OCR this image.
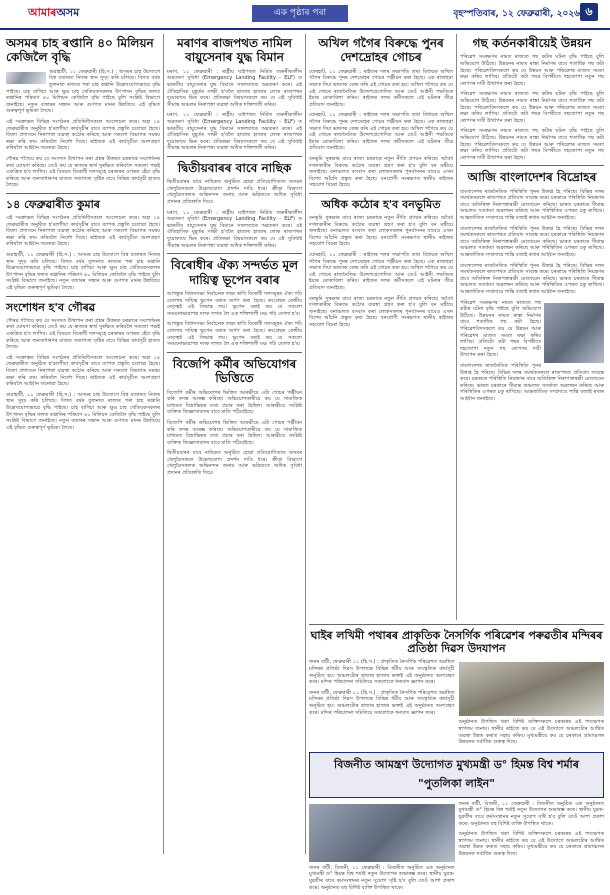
আমাৰঅসম	এক পৃষ্ঠাৰ পৰা	বৃহস্পতিবাৰ, ১২ ফেব্ৰুৱাৰী, ২০২৬ ৬
অসমৰ চাহ ৰপ্তানি ৪০ মিলিয়ন কেজিলৈ বৃদ্ধি

গুৱাহাটী, ১১ ফেব্ৰুৱাৰী (হি.স.) : অসমৰ চাহ উদ্যোগে বিশ্ব বজাৰত নিজৰ স্থান সুদৃঢ় কৰি চলিছে। বিগত বৰ্ষৰ তুলনাত ৰাজ্যৰ পৰা চাহ ৰপ্তানি উল্লেখযোগ্যভাৱে বৃদ্ধি পাইছে। চাহ বাগিচা আৰু ক্ষুদ্ৰ চাহ খেতিয়কসকলৰ উৎপাদন বৃদ্ধিৰ ফলত ৰপ্তানিৰ পৰিমাণ ৪০ মিলিয়ন কেজিলৈ বৃদ্ধি পাইছে বুলি সংশ্লিষ্ট বিভাগে জনাইছে। নতুন বজাৰৰ সন্ধান আৰু গুণগত মানৰ উন্নতিয়ে এই বৃদ্ধিত গুৰুত্বপূৰ্ণ ভূমিকা লৈছে।

এই সংক্ৰান্তত বিভিন্ন সংগঠনৰ প্ৰতিনিধিসকলে আলোচনা কৰে। অহা ১৪ ফেব্ৰুৱাৰীত অনুষ্ঠিত হ'বলগীয়া কাৰ্যসূচীৰ বাবে ব্যাপক প্ৰস্তুতি চলোৱা হৈছে। জিলা প্ৰশাসনে নিৰাপত্তা ব্যৱস্থা কঠোৰ কৰিছে আৰু সকলো বিভাগক সমন্বয় ৰক্ষা কৰি কাম কৰিবলৈ নিৰ্দেশ দিছে। ৰাইজক এই কাৰ্যসূচীত অংশগ্ৰহণ কৰিবলৈ আহ্বান জনোৱা হৈছে।

গৌৰৱ গগৈয়ে কয় যে সংসদত উত্থাপন কৰা প্ৰশ্নৰ উত্তৰত চৰকাৰে সংশোধনৰ কথা ঘোষণা কৰিছে। তেওঁ কয় যে ৰাজ্যৰ স্বাৰ্থ সুৰক্ষিত কৰিবলৈ সকলো পক্ষই একত্ৰিত হ'ব লাগিব। এই বিষয়ত বিৰোধী দলসমূহে চৰকাৰৰ ওপৰত হেঁচা বৃদ্ধি কৰিছে আৰু জনসাধাৰণৰ মাজত সজাগতা সৃষ্টিৰ বাবে বিভিন্ন কাৰ্যসূচী হাতত লৈছে।

১৪ ফেব্ৰুৱাৰীত কুমাৰ

এই সংক্ৰান্তত বিভিন্ন সংগঠনৰ প্ৰতিনিধিসকলে আলোচনা কৰে। অহা ১৪ ফেব্ৰুৱাৰীত অনুষ্ঠিত হ'বলগীয়া কাৰ্যসূচীৰ বাবে ব্যাপক প্ৰস্তুতি চলোৱা হৈছে। জিলা প্ৰশাসনে নিৰাপত্তা ব্যৱস্থা কঠোৰ কৰিছে আৰু সকলো বিভাগক সমন্বয় ৰক্ষা কৰি কাম কৰিবলৈ নিৰ্দেশ দিছে। ৰাইজক এই কাৰ্যসূচীত অংশগ্ৰহণ কৰিবলৈ আহ্বান জনোৱা হৈছে।

গুৱাহাটী, ১১ ফেব্ৰুৱাৰী (হি.স.) : অসমৰ চাহ উদ্যোগে বিশ্ব বজাৰত নিজৰ স্থান সুদৃঢ় কৰি চলিছে। বিগত বৰ্ষৰ তুলনাত ৰাজ্যৰ পৰা চাহ ৰপ্তানি উল্লেখযোগ্যভাৱে বৃদ্ধি পাইছে। চাহ বাগিচা আৰু ক্ষুদ্ৰ চাহ খেতিয়কসকলৰ উৎপাদন বৃদ্ধিৰ ফলত ৰপ্তানিৰ পৰিমাণ ৪০ মিলিয়ন কেজিলৈ বৃদ্ধি পাইছে বুলি সংশ্লিষ্ট বিভাগে জনাইছে। নতুন বজাৰৰ সন্ধান আৰু গুণগত মানৰ উন্নতিয়ে এই বৃদ্ধিত গুৰুত্বপূৰ্ণ ভূমিকা লৈছে।

সংশোধন হ'ব গৌৰৱ

গৌৰৱ গগৈয়ে কয় যে সংসদত উত্থাপন কৰা প্ৰশ্নৰ উত্তৰত চৰকাৰে সংশোধনৰ কথা ঘোষণা কৰিছে। তেওঁ কয় যে ৰাজ্যৰ স্বাৰ্থ সুৰক্ষিত কৰিবলৈ সকলো পক্ষই একত্ৰিত হ'ব লাগিব। এই বিষয়ত বিৰোধী দলসমূহে চৰকাৰৰ ওপৰত হেঁচা বৃদ্ধি কৰিছে আৰু জনসাধাৰণৰ মাজত সজাগতা সৃষ্টিৰ বাবে বিভিন্ন কাৰ্যসূচী হাতত লৈছে।

এই সংক্ৰান্তত বিভিন্ন সংগঠনৰ প্ৰতিনিধিসকলে আলোচনা কৰে। অহা ১৪ ফেব্ৰুৱাৰীত অনুষ্ঠিত হ'বলগীয়া কাৰ্যসূচীৰ বাবে ব্যাপক প্ৰস্তুতি চলোৱা হৈছে। জিলা প্ৰশাসনে নিৰাপত্তা ব্যৱস্থা কঠোৰ কৰিছে আৰু সকলো বিভাগক সমন্বয় ৰক্ষা কৰি কাম কৰিবলৈ নিৰ্দেশ দিছে। ৰাইজক এই কাৰ্যসূচীত অংশগ্ৰহণ কৰিবলৈ আহ্বান জনোৱা হৈছে।

গুৱাহাটী, ১১ ফেব্ৰুৱাৰী (হি.স.) : অসমৰ চাহ উদ্যোগে বিশ্ব বজাৰত নিজৰ স্থান সুদৃঢ় কৰি চলিছে। বিগত বৰ্ষৰ তুলনাত ৰাজ্যৰ পৰা চাহ ৰপ্তানি উল্লেখযোগ্যভাৱে বৃদ্ধি পাইছে। চাহ বাগিচা আৰু ক্ষুদ্ৰ চাহ খেতিয়কসকলৰ উৎপাদন বৃদ্ধিৰ ফলত ৰপ্তানিৰ পৰিমাণ ৪০ মিলিয়ন কেজিলৈ বৃদ্ধি পাইছে বুলি সংশ্লিষ্ট বিভাগে জনাইছে। নতুন বজাৰৰ সন্ধান আৰু গুণগত মানৰ উন্নতিয়ে এই বৃদ্ধিত গুৰুত্বপূৰ্ণ ভূমিকা লৈছে।

মৰাণৰ ৰাজপথত নামিল বায়ুসেনাৰ যুদ্ধ বিমান

মৰাণ, ১১ ফেব্ৰুৱাৰী : ৰাষ্ট্ৰীয় ঘাইপথত নিৰ্মিত জৰুৰীকালীন অৱতৰণ সুবিধা (Emergency Landing Facility - ELF) ত ভাৰতীয় বায়ুসেনাৰ যুদ্ধ বিমানে সফলতাৰে অৱতৰণ কৰে। এই ঐতিহাসিক মুহূৰ্তৰ সাক্ষী হ'বলৈ হাজাৰ হাজাৰ লোক ৰাজপথৰ দুয়োকাষে ভিৰ কৰে। প্ৰতিৰক্ষা বিষয়াসকলে কয় যে এই সুবিধাই সীমান্ত অঞ্চলৰ নিৰাপত্তা ব্যৱস্থা অধিক শক্তিশালী কৰিব।

মৰাণ, ১১ ফেব্ৰুৱাৰী : ৰাষ্ট্ৰীয় ঘাইপথত নিৰ্মিত জৰুৰীকালীন অৱতৰণ সুবিধা (Emergency Landing Facility - ELF) ত ভাৰতীয় বায়ুসেনাৰ যুদ্ধ বিমানে সফলতাৰে অৱতৰণ কৰে। এই ঐতিহাসিক মুহূৰ্তৰ সাক্ষী হ'বলৈ হাজাৰ হাজাৰ লোক ৰাজপথৰ দুয়োকাষে ভিৰ কৰে। প্ৰতিৰক্ষা বিষয়াসকলে কয় যে এই সুবিধাই সীমান্ত অঞ্চলৰ নিৰাপত্তা ব্যৱস্থা অধিক শক্তিশালী কৰিব।

দ্বিতীয়বাৰৰ বাবে নাছিক

দ্বিতীয়বাৰৰ বাবে নাছিকত অনুষ্ঠিত হোৱা প্ৰতিযোগিতাত অসমৰ খেলুৱৈসকলে উল্লেখযোগ্য প্ৰদৰ্শন দাঙি ধৰে। ক্ৰীড়া বিভাগে খেলুৱৈসকলক অভিনন্দন জনায় আৰু ভৱিষ্যতে অধিক সুবিধা প্ৰদানৰ প্ৰতিশ্ৰুতি দিয়ে।

মৰাণ, ১১ ফেব্ৰুৱাৰী : ৰাষ্ট্ৰীয় ঘাইপথত নিৰ্মিত জৰুৰীকালীন অৱতৰণ সুবিধা (Emergency Landing Facility - ELF) ত ভাৰতীয় বায়ুসেনাৰ যুদ্ধ বিমানে সফলতাৰে অৱতৰণ কৰে। এই ঐতিহাসিক মুহূৰ্তৰ সাক্ষী হ'বলৈ হাজাৰ হাজাৰ লোক ৰাজপথৰ দুয়োকাষে ভিৰ কৰে। প্ৰতিৰক্ষা বিষয়াসকলে কয় যে এই সুবিধাই সীমান্ত অঞ্চলৰ নিৰাপত্তা ব্যৱস্থা অধিক শক্তিশালী কৰিব।

বিৰোধীৰ ঐক্য সন্দৰ্ভত মূল দায়িত্ব ভূপেন বৰাৰ

আগন্তুক বিধানসভা নিৰ্বাচনক লক্ষ্য ৰাখি বিৰোধী দলসমূহৰ ঐক্য গঢ়ি তোলাৰ দায়িত্ব ভূপেন বৰাক অৰ্পণ কৰা হৈছে। কংগ্ৰেছৰ কেন্দ্ৰীয় নেতৃত্বই এই সিদ্ধান্ত লয়। ভূপেন বৰাই কয় যে সকলো সমমনোভাৱাপন্ন দলক লগত লৈ এক শক্তিশালী মঞ্চ গঢ়ি তোলা হ'ব।

আগন্তুক বিধানসভা নিৰ্বাচনক লক্ষ্য ৰাখি বিৰোধী দলসমূহৰ ঐক্য গঢ়ি তোলাৰ দায়িত্ব ভূপেন বৰাক অৰ্পণ কৰা হৈছে। কংগ্ৰেছৰ কেন্দ্ৰীয় নেতৃত্বই এই সিদ্ধান্ত লয়। ভূপেন বৰাই কয় যে সকলো সমমনোভাৱাপন্ন দলক লগত লৈ এক শক্তিশালী মঞ্চ গঢ়ি তোলা হ'ব।

বিজেপি কৰ্মীৰ অভিযোগৰ ভিত্তিতে

বিজেপি কৰ্মীৰ অভিযোগৰ ভিত্তিত আৰক্ষীয়ে এটা গোচৰ পঞ্জীয়ন কৰি তদন্ত আৰম্ভ কৰিছে। অভিযোগকাৰীয়ে কয় যে সামাজিক মাধ্যমত বিভ্ৰান্তিকৰ তথ্য প্ৰচাৰ কৰা হৈছিল। আৰক্ষীয়ে সংশ্লিষ্ট ব্যক্তিক জিজ্ঞাসাবাদৰ বাবে মাতি পঠিয়াইছে।

বিজেপি কৰ্মীৰ অভিযোগৰ ভিত্তিত আৰক্ষীয়ে এটা গোচৰ পঞ্জীয়ন কৰি তদন্ত আৰম্ভ কৰিছে। অভিযোগকাৰীয়ে কয় যে সামাজিক মাধ্যমত বিভ্ৰান্তিকৰ তথ্য প্ৰচাৰ কৰা হৈছিল। আৰক্ষীয়ে সংশ্লিষ্ট ব্যক্তিক জিজ্ঞাসাবাদৰ বাবে মাতি পঠিয়াইছে।

দ্বিতীয়বাৰৰ বাবে নাছিকত অনুষ্ঠিত হোৱা প্ৰতিযোগিতাত অসমৰ খেলুৱৈসকলে উল্লেখযোগ্য প্ৰদৰ্শন দাঙি ধৰে। ক্ৰীড়া বিভাগে খেলুৱৈসকলক অভিনন্দন জনায় আৰু ভৱিষ্যতে অধিক সুবিধা প্ৰদানৰ প্ৰতিশ্ৰুতি দিয়ে।

অখিল গগৈৰ বিৰুদ্ধে পুনৰ দেশদ্ৰোহৰ গোচৰ

যোৰহাট, ১১ ফেব্ৰুৱাৰী : ৰাইজৰ দলৰ সভাপতি তথা বিধায়ক অখিল গগৈৰ বিৰুদ্ধে পুনৰ দেশদ্ৰোহৰ গোচৰ পঞ্জীয়ন কৰা হৈছে। এক ৰাজহুৱা সভাত দিয়া ভাষণক কেন্দ্ৰ কৰি এই গোচৰ তৰা হয়। অখিল গগৈয়ে কয় যে এই গোচৰ ৰাজনৈতিক উদ্দেশ্যপ্ৰণোদিত আৰু তেওঁ আইনী পদ্ধতিৰে ইয়াৰ মোকাবিলা কৰিব। ৰাইজৰ দলৰ কৰ্মীসকলে এই ঘটনাৰ তীব্ৰ প্ৰতিবাদ জনাইছে।

যোৰহাট, ১১ ফেব্ৰুৱাৰী : ৰাইজৰ দলৰ সভাপতি তথা বিধায়ক অখিল গগৈৰ বিৰুদ্ধে পুনৰ দেশদ্ৰোহৰ গোচৰ পঞ্জীয়ন কৰা হৈছে। এক ৰাজহুৱা সভাত দিয়া ভাষণক কেন্দ্ৰ কৰি এই গোচৰ তৰা হয়। অখিল গগৈয়ে কয় যে এই গোচৰ ৰাজনৈতিক উদ্দেশ্যপ্ৰণোদিত আৰু তেওঁ আইনী পদ্ধতিৰে ইয়াৰ মোকাবিলা কৰিব। ৰাইজৰ দলৰ কৰ্মীসকলে এই ঘটনাৰ তীব্ৰ প্ৰতিবাদ জনাইছে।

বনভূমি সুৰক্ষাৰ বাবে ৰাজ্য চৰকাৰে নতুন নীতি প্ৰণয়ন কৰিছে। অবৈধ দখলকাৰীৰ বিৰুদ্ধে কঠোৰ ব্যৱস্থা গ্ৰহণ কৰা হ'ব বুলি বন মন্ত্ৰীয়ে জনাইছে। বনাঞ্চলত বসবাস কৰা লোকসকলৰ পুনৰ্বাসনৰ বাবেও এখন বিশেষ আঁচনি প্ৰস্তুত কৰা হৈছে। বন্যপ্ৰাণী সংৰক্ষণত স্থানীয় ৰাইজৰ সহযোগ বিচৰা হৈছে।

অধিক কঠোৰ হ'ব বনভূমিত

বনভূমি সুৰক্ষাৰ বাবে ৰাজ্য চৰকাৰে নতুন নীতি প্ৰণয়ন কৰিছে। অবৈধ দখলকাৰীৰ বিৰুদ্ধে কঠোৰ ব্যৱস্থা গ্ৰহণ কৰা হ'ব বুলি বন মন্ত্ৰীয়ে জনাইছে। বনাঞ্চলত বসবাস কৰা লোকসকলৰ পুনৰ্বাসনৰ বাবেও এখন বিশেষ আঁচনি প্ৰস্তুত কৰা হৈছে। বন্যপ্ৰাণী সংৰক্ষণত স্থানীয় ৰাইজৰ সহযোগ বিচৰা হৈছে।

যোৰহাট, ১১ ফেব্ৰুৱাৰী : ৰাইজৰ দলৰ সভাপতি তথা বিধায়ক অখিল গগৈৰ বিৰুদ্ধে পুনৰ দেশদ্ৰোহৰ গোচৰ পঞ্জীয়ন কৰা হৈছে। এক ৰাজহুৱা সভাত দিয়া ভাষণক কেন্দ্ৰ কৰি এই গোচৰ তৰা হয়। অখিল গগৈয়ে কয় যে এই গোচৰ ৰাজনৈতিক উদ্দেশ্যপ্ৰণোদিত আৰু তেওঁ আইনী পদ্ধতিৰে ইয়াৰ মোকাবিলা কৰিব। ৰাইজৰ দলৰ কৰ্মীসকলে এই ঘটনাৰ তীব্ৰ প্ৰতিবাদ জনাইছে।

বনভূমি সুৰক্ষাৰ বাবে ৰাজ্য চৰকাৰে নতুন নীতি প্ৰণয়ন কৰিছে। অবৈধ দখলকাৰীৰ বিৰুদ্ধে কঠোৰ ব্যৱস্থা গ্ৰহণ কৰা হ'ব বুলি বন মন্ত্ৰীয়ে জনাইছে। বনাঞ্চলত বসবাস কৰা লোকসকলৰ পুনৰ্বাসনৰ বাবেও এখন বিশেষ আঁচনি প্ৰস্তুত কৰা হৈছে। বন্যপ্ৰাণী সংৰক্ষণত স্থানীয় ৰাইজৰ সহযোগ বিচৰা হৈছে।

গছ কৰ্তনকাৰীয়েই উন্নয়ন

পৰিৱেশ সংৰক্ষণৰ নামত ৰাজ্যত গছ কটাৰ ঘটনা বৃদ্ধি পাইছে বুলি অভিযোগ উঠিছে। উন্নয়নৰ নামত ৰাস্তা নিৰ্মাণৰ বাবে শতাধিক গছ কটা হৈছে। পৰিৱেশবিদসকলে কয় যে উন্নয়ন আৰু পৰিৱেশৰ মাজত সমতা ৰক্ষা কৰিব লাগিব। প্ৰতিটো কটা গছৰ বিপৰীতে দহজোপা নতুন গছ ৰোপণৰ দাবী উত্থাপন কৰা হৈছে।

পৰিৱেশ সংৰক্ষণৰ নামত ৰাজ্যত গছ কটাৰ ঘটনা বৃদ্ধি পাইছে বুলি অভিযোগ উঠিছে। উন্নয়নৰ নামত ৰাস্তা নিৰ্মাণৰ বাবে শতাধিক গছ কটা হৈছে। পৰিৱেশবিদসকলে কয় যে উন্নয়ন আৰু পৰিৱেশৰ মাজত সমতা ৰক্ষা কৰিব লাগিব। প্ৰতিটো কটা গছৰ বিপৰীতে দহজোপা নতুন গছ ৰোপণৰ দাবী উত্থাপন কৰা হৈছে।

পৰিৱেশ সংৰক্ষণৰ নামত ৰাজ্যত গছ কটাৰ ঘটনা বৃদ্ধি পাইছে বুলি অভিযোগ উঠিছে। উন্নয়নৰ নামত ৰাস্তা নিৰ্মাণৰ বাবে শতাধিক গছ কটা হৈছে। পৰিৱেশবিদসকলে কয় যে উন্নয়ন আৰু পৰিৱেশৰ মাজত সমতা ৰক্ষা কৰিব লাগিব। প্ৰতিটো কটা গছৰ বিপৰীতে দহজোপা নতুন গছ ৰোপণৰ দাবী উত্থাপন কৰা হৈছে।

আজি বাংলাদেশৰ বিদ্ৰোহৰ

বাংলাদেশৰ ৰাজনৈতিক পৰিস্থিতি পুনৰ উত্তপ্ত হৈ পৰিছে। বিভিন্ন দলৰ সমৰ্থকসকলে ৰাজপথত প্ৰতিবাদ সাব্যস্ত কৰে। চৰকাৰে পৰিস্থিতি নিয়ন্ত্ৰণৰ বাবে অতিৰিক্ত নিৰাপত্তাৰক্ষী মোতায়েন কৰিছে। ভাৰত চৰকাৰে সীমান্ত অঞ্চলত সতৰ্কতা অৱলম্বন কৰিছে আৰু পৰিস্থিতিৰ ওপৰত চকু ৰাখিছে। আন্তৰ্জাতিক সম্প্ৰদায়ে শান্তি বজাই ৰখাৰ আহ্বান জনাইছে।

বাংলাদেশৰ ৰাজনৈতিক পৰিস্থিতি পুনৰ উত্তপ্ত হৈ পৰিছে। বিভিন্ন দলৰ সমৰ্থকসকলে ৰাজপথত প্ৰতিবাদ সাব্যস্ত কৰে। চৰকাৰে পৰিস্থিতি নিয়ন্ত্ৰণৰ বাবে অতিৰিক্ত নিৰাপত্তাৰক্ষী মোতায়েন কৰিছে। ভাৰত চৰকাৰে সীমান্ত অঞ্চলত সতৰ্কতা অৱলম্বন কৰিছে আৰু পৰিস্থিতিৰ ওপৰত চকু ৰাখিছে। আন্তৰ্জাতিক সম্প্ৰদায়ে শান্তি বজাই ৰখাৰ আহ্বান জনাইছে।

বাংলাদেশৰ ৰাজনৈতিক পৰিস্থিতি পুনৰ উত্তপ্ত হৈ পৰিছে। বিভিন্ন দলৰ সমৰ্থকসকলে ৰাজপথত প্ৰতিবাদ সাব্যস্ত কৰে। চৰকাৰে পৰিস্থিতি নিয়ন্ত্ৰণৰ বাবে অতিৰিক্ত নিৰাপত্তাৰক্ষী মোতায়েন কৰিছে। ভাৰত চৰকাৰে সীমান্ত অঞ্চলত সতৰ্কতা অৱলম্বন কৰিছে আৰু পৰিস্থিতিৰ ওপৰত চকু ৰাখিছে। আন্তৰ্জাতিক সম্প্ৰদায়ে শান্তি বজাই ৰখাৰ আহ্বান জনাইছে।

পৰিৱেশ সংৰক্ষণৰ নামত ৰাজ্যত গছ কটাৰ ঘটনা বৃদ্ধি পাইছে বুলি অভিযোগ উঠিছে। উন্নয়নৰ নামত ৰাস্তা নিৰ্মাণৰ বাবে শতাধিক গছ কটা হৈছে। পৰিৱেশবিদসকলে কয় যে উন্নয়ন আৰু পৰিৱেশৰ মাজত সমতা ৰক্ষা কৰিব লাগিব। প্ৰতিটো কটা গছৰ বিপৰীতে দহজোপা নতুন গছ ৰোপণৰ দাবী উত্থাপন কৰা হৈছে।

বাংলাদেশৰ ৰাজনৈতিক পৰিস্থিতি পুনৰ উত্তপ্ত হৈ পৰিছে। বিভিন্ন দলৰ সমৰ্থকসকলে ৰাজপথত প্ৰতিবাদ সাব্যস্ত কৰে। চৰকাৰে পৰিস্থিতি নিয়ন্ত্ৰণৰ বাবে অতিৰিক্ত নিৰাপত্তাৰক্ষী মোতায়েন কৰিছে। ভাৰত চৰকাৰে সীমান্ত অঞ্চলত সতৰ্কতা অৱলম্বন কৰিছে আৰু পৰিস্থিতিৰ ওপৰত চকু ৰাখিছে। আন্তৰ্জাতিক সম্প্ৰদায়ে শান্তি বজাই ৰখাৰ আহ্বান জনাইছে।

ঘাইৰ লখিমী পথাৰৰ প্ৰাকৃতিক নৈসৰ্গিক পৰিৱেশৰ পৰুৱতীৰ মন্দিৰৰ প্ৰতিষ্ঠা দিৱস উদযাপন

জনৰ বাটী, ফেব্ৰুৱাৰী ১১ (হি.স.) : প্ৰাকৃতিক নৈসৰ্গিক পৰিৱেশত অৱস্থিত মন্দিৰৰ প্ৰতিষ্ঠা দিৱস উপলক্ষে বিভিন্ন ধৰ্মীয় আৰু সাংস্কৃতিক কাৰ্যসূচী অনুষ্ঠিত হয়। অঞ্চলটোৰ হাজাৰ হাজাৰ ভক্তই এই অনুষ্ঠানত অংশগ্ৰহণ কৰে। মন্দিৰ পৰিচালনা সমিতিয়ে সকলোকে ধন্যবাদ জ্ঞাপন কৰে।

জনৰ বাটী, ফেব্ৰুৱাৰী ১১ (হি.স.) : প্ৰাকৃতিক নৈসৰ্গিক পৰিৱেশত অৱস্থিত মন্দিৰৰ প্ৰতিষ্ঠা দিৱস উপলক্ষে বিভিন্ন ধৰ্মীয় আৰু সাংস্কৃতিক কাৰ্যসূচী অনুষ্ঠিত হয়। অঞ্চলটোৰ হাজাৰ হাজাৰ ভক্তই এই অনুষ্ঠানত অংশগ্ৰহণ কৰে। মন্দিৰ পৰিচালনা সমিতিয়ে সকলোকে ধন্যবাদ জ্ঞাপন কৰে।

অনুষ্ঠানত উপস্থিত থকা বিশিষ্ট ব্যক্তিসকলে চৰকাৰৰ এই পদক্ষেপক স্বাগতম জনায়। স্থানীয় ৰাইজে কয় যে এই উদ্যোগে অঞ্চলটোৰ আৰ্থিক অৱস্থা উন্নত কৰাত সহায় কৰিব। মুখ্যমন্ত্ৰীয়ে কয় যে চৰকাৰে গ্ৰামাঞ্চলৰ উন্নয়নক সৰ্বাধিক গুৰুত্ব দিছে।

বিজনীত আমন্ত্ৰণ উদ্যোগত মুখ্যমন্ত্ৰী ড° হিমন্ত বিশ্ব শৰ্মাৰ "পুতলিকা লাইন"

জনৰ বাটী, বিজনী, ১১ ফেব্ৰুৱাৰী : বিজনীত অনুষ্ঠিত এক অনুষ্ঠানত মুখ্যমন্ত্ৰী ড° হিমন্ত বিশ্ব শৰ্মাই নতুন উদ্যোগৰ শুভাৰম্ভ কৰে। স্থানীয় যুৱক-যুৱতীৰ বাবে কৰ্মসংস্থানৰ নতুন সুযোগ সৃষ্টি হ'ব বুলি তেওঁ আশা প্ৰকাশ কৰে। অনুষ্ঠানত বহু বিশিষ্ট ব্যক্তি উপস্থিত থাকে।

জনৰ বাটী, বিজনী, ১১ ফেব্ৰুৱাৰী : বিজনীত অনুষ্ঠিত এক অনুষ্ঠানত মুখ্যমন্ত্ৰী ড° হিমন্ত বিশ্ব শৰ্মাই নতুন উদ্যোগৰ শুভাৰম্ভ কৰে। স্থানীয় যুৱক-যুৱতীৰ বাবে কৰ্মসংস্থানৰ নতুন সুযোগ সৃষ্টি হ'ব বুলি তেওঁ আশা প্ৰকাশ কৰে। অনুষ্ঠানত বহু বিশিষ্ট ব্যক্তি উপস্থিত থাকে।

অনুষ্ঠানত উপস্থিত থকা বিশিষ্ট ব্যক্তিসকলে চৰকাৰৰ এই পদক্ষেপক স্বাগতম জনায়। স্থানীয় ৰাইজে কয় যে এই উদ্যোগে অঞ্চলটোৰ আৰ্থিক অৱস্থা উন্নত কৰাত সহায় কৰিব। মুখ্যমন্ত্ৰীয়ে কয় যে চৰকাৰে গ্ৰামাঞ্চলৰ উন্নয়নক সৰ্বাধিক গুৰুত্ব দিছে।
